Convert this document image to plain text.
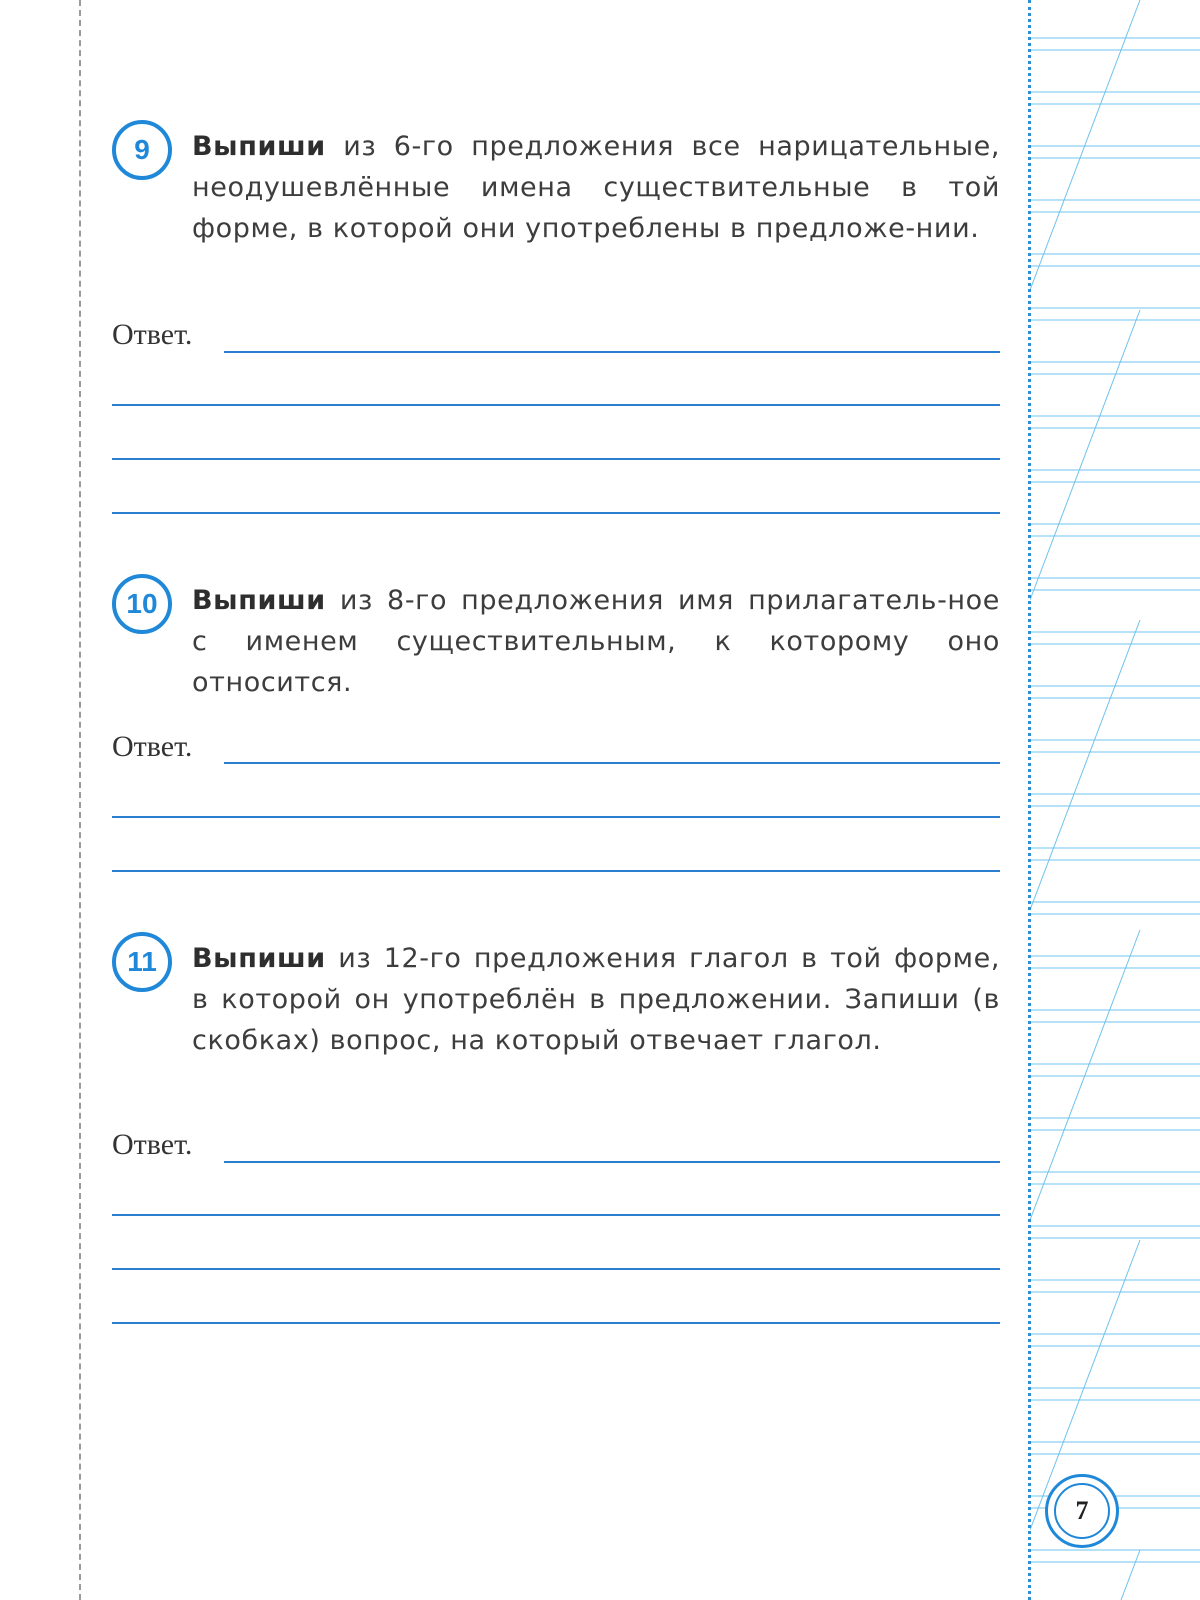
9	Выпиши из 6-го предложения все нарицательные, неодушевлённые имена существительные в той форме, в которой они употреблены в предложе-нии.
Ответ.
10	Выпиши из 8-го предложения имя прилагатель-ное с именем существительным, к которому оно относится.
Ответ.
11	Выпиши из 12-го предложения глагол в той форме, в которой он употреблён в предложении. Запиши (в скобках) вопрос, на который отвечает глагол.
Ответ.
7
